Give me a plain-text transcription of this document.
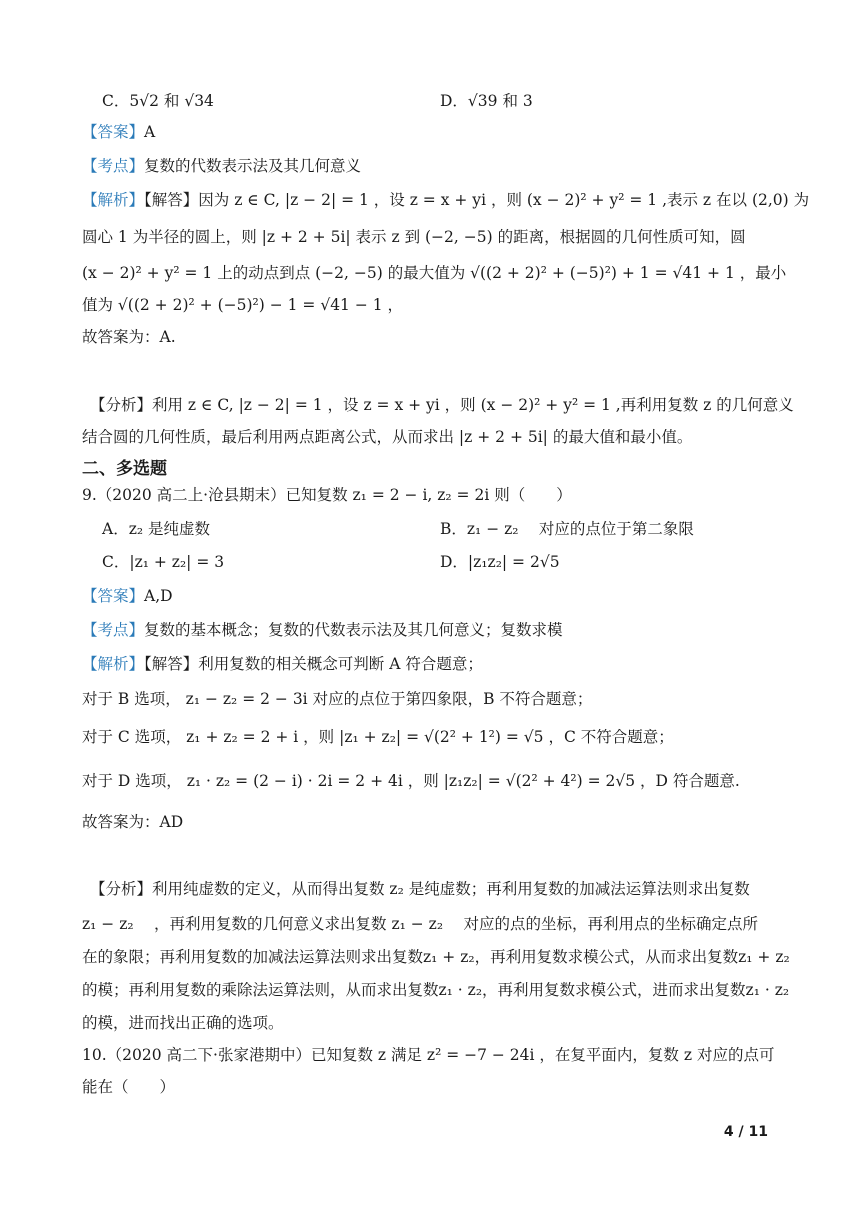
C．5√2 和 √34	D．√39 和 3
【答案】A
【考点】复数的代数表示法及其几何意义
【解析】【解答】因为 z ∈ C, |z − 2| = 1 ，设 z = x + yi ，则 (x − 2)² + y² = 1 ,表示 z 在以 (2,0) 为
圆心 1 为半径的圆上，则 |z + 2 + 5i| 表示 z 到 (−2, −5) 的距离，根据圆的几何性质可知，圆
(x − 2)² + y² = 1 上的动点到点 (−2, −5) 的最大值为 √((2 + 2)² + (−5)²) + 1 = √41 + 1 ，最小
值为 √((2 + 2)² + (−5)²) − 1 = √41 − 1 ，
故答案为：A.
【分析】利用 z ∈ C, |z − 2| = 1 ，设 z = x + yi ，则 (x − 2)² + y² = 1 ,再利用复数 z 的几何意义
结合圆的几何性质，最后利用两点距离公式，从而求出 |z + 2 + 5i| 的最大值和最小值。
二、多选题
9.（2020 高二上·沧县期末）已知复数 z₁ = 2 − i, z₂ = 2i 则（　　）
A．z₂ 是纯虚数	B．z₁ − z₂ 　对应的点位于第二象限
C．|z₁ + z₂| = 3	D．|z₁z₂| = 2√5
【答案】A,D
【考点】复数的基本概念；复数的代数表示法及其几何意义；复数求模
【解析】【解答】利用复数的相关概念可判断 A 符合题意；
对于 B 选项， z₁ − z₂ = 2 − 3i 对应的点位于第四象限，B 不符合题意；
对于 C 选项， z₁ + z₂ = 2 + i ，则 |z₁ + z₂| = √(2² + 1²) = √5 ，C 不符合题意；
对于 D 选项， z₁ · z₂ = (2 − i) · 2i = 2 + 4i ，则 |z₁z₂| = √(2² + 4²) = 2√5 ，D 符合题意.
故答案为：AD
【分析】利用纯虚数的定义，从而得出复数 z₂ 是纯虚数；再利用复数的加减法运算法则求出复数
z₁ − z₂ 　，再利用复数的几何意义求出复数 z₁ − z₂ 　对应的点的坐标，再利用点的坐标确定点所
在的象限；再利用复数的加减法运算法则求出复数z₁ + z₂，再利用复数求模公式，从而求出复数z₁ + z₂
的模；再利用复数的乘除法运算法则，从而求出复数z₁ · z₂，再利用复数求模公式，进而求出复数z₁ · z₂
的模，进而找出正确的选项。
10.（2020 高二下·张家港期中）已知复数 z 满足 z² = −7 − 24i ，在复平面内，复数 z 对应的点可
能在（　　）
4 / 11
